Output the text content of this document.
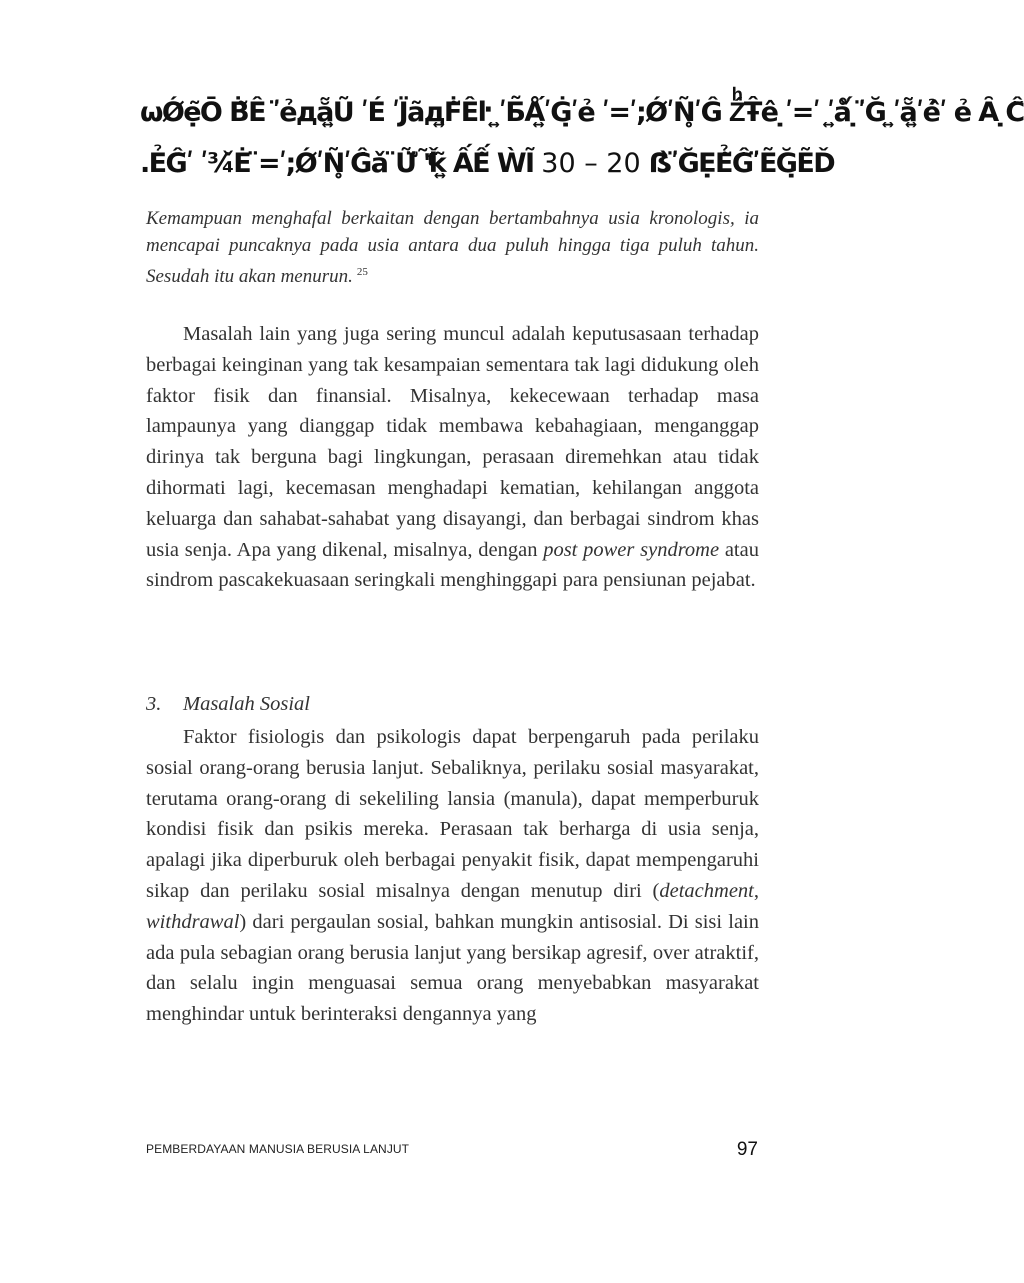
ѡǾẹ̃Ō Ḃ̃Ê ʹ̈ẻдẵ͍Ũ ʹÉ ʹJ̈ãд͍Ḟ̃Êŀ ͍ʹБ̃Ǻ͍ʹĠ̣ʹẻ ʹ=ʹ;ǾʹÑ̥ʹĜ ŹͪŦ̂ê ̣ʹ=ʹ ʹ͍ǻ̌ ̣ʹ̈Ğ ͍ʹẵ͍ʹẻ̂ʹ ẻ Ȃ ̣Ĉ̌
.ẺĜ̃ʹ ʹ¾̌Ė ̈=ʹ;ǾʹÑ̥ʹĜ̀ǎ ̈Ữ̈ ʹͭ̃ǩ͍̃ ẤẾ̃ ẀĨ 30 – 20 ẞ̀ʹ̈ĞẸẺ̃Ĝ̌ʹ̈ẼĞ̣ẼĎ
Kemampuan menghafal berkaitan dengan bertambahnya usia kronologis, ia mencapai puncaknya pada usia antara dua puluh hingga tiga puluh tahun. Sesudah itu akan menurun. $^{25}$

Masalah lain yang juga sering muncul adalah keputusasaan terhadap berbagai keinginan yang tak kesampaian sementara tak lagi didukung oleh faktor fisik dan finansial. Misalnya, kekecewaan terhadap masa lampaunya yang dianggap tidak membawa kebahagiaan, menganggap dirinya tak berguna bagi lingkungan, perasaan diremehkan atau tidak dihormati lagi, kecemasan menghadapi kematian, kehilangan anggota keluarga dan sahabat-sahabat yang disayangi, dan berbagai sindrom khas usia senja. Apa yang dikenal, misalnya, dengan post power syndrome atau sindrom pascakekuasaan seringkali menghinggapi para pensiunan pejabat.

3. Masalah Sosial

Faktor fisiologis dan psikologis dapat berpengaruh pada perilaku sosial orang-orang berusia lanjut. Sebaliknya, perilaku sosial masyarakat, terutama orang-orang di sekeliling lansia (manula), dapat memperburuk kondisi fisik dan psikis mereka. Perasaan tak berharga di usia senja, apalagi jika diperburuk oleh berbagai penyakit fisik, dapat mempengaruhi sikap dan perilaku sosial misalnya dengan menutup diri (detachment, withdrawal) dari pergaulan sosial, bahkan mungkin antisosial. Di sisi lain ada pula sebagian orang berusia lanjut yang bersikap agresif, over atraktif, dan selalu ingin menguasai semua orang menyebabkan masyarakat menghindar untuk berinteraksi dengannya yang

PEMBERDAYAAN MANUSIA BERUSIA LANJUT	97
